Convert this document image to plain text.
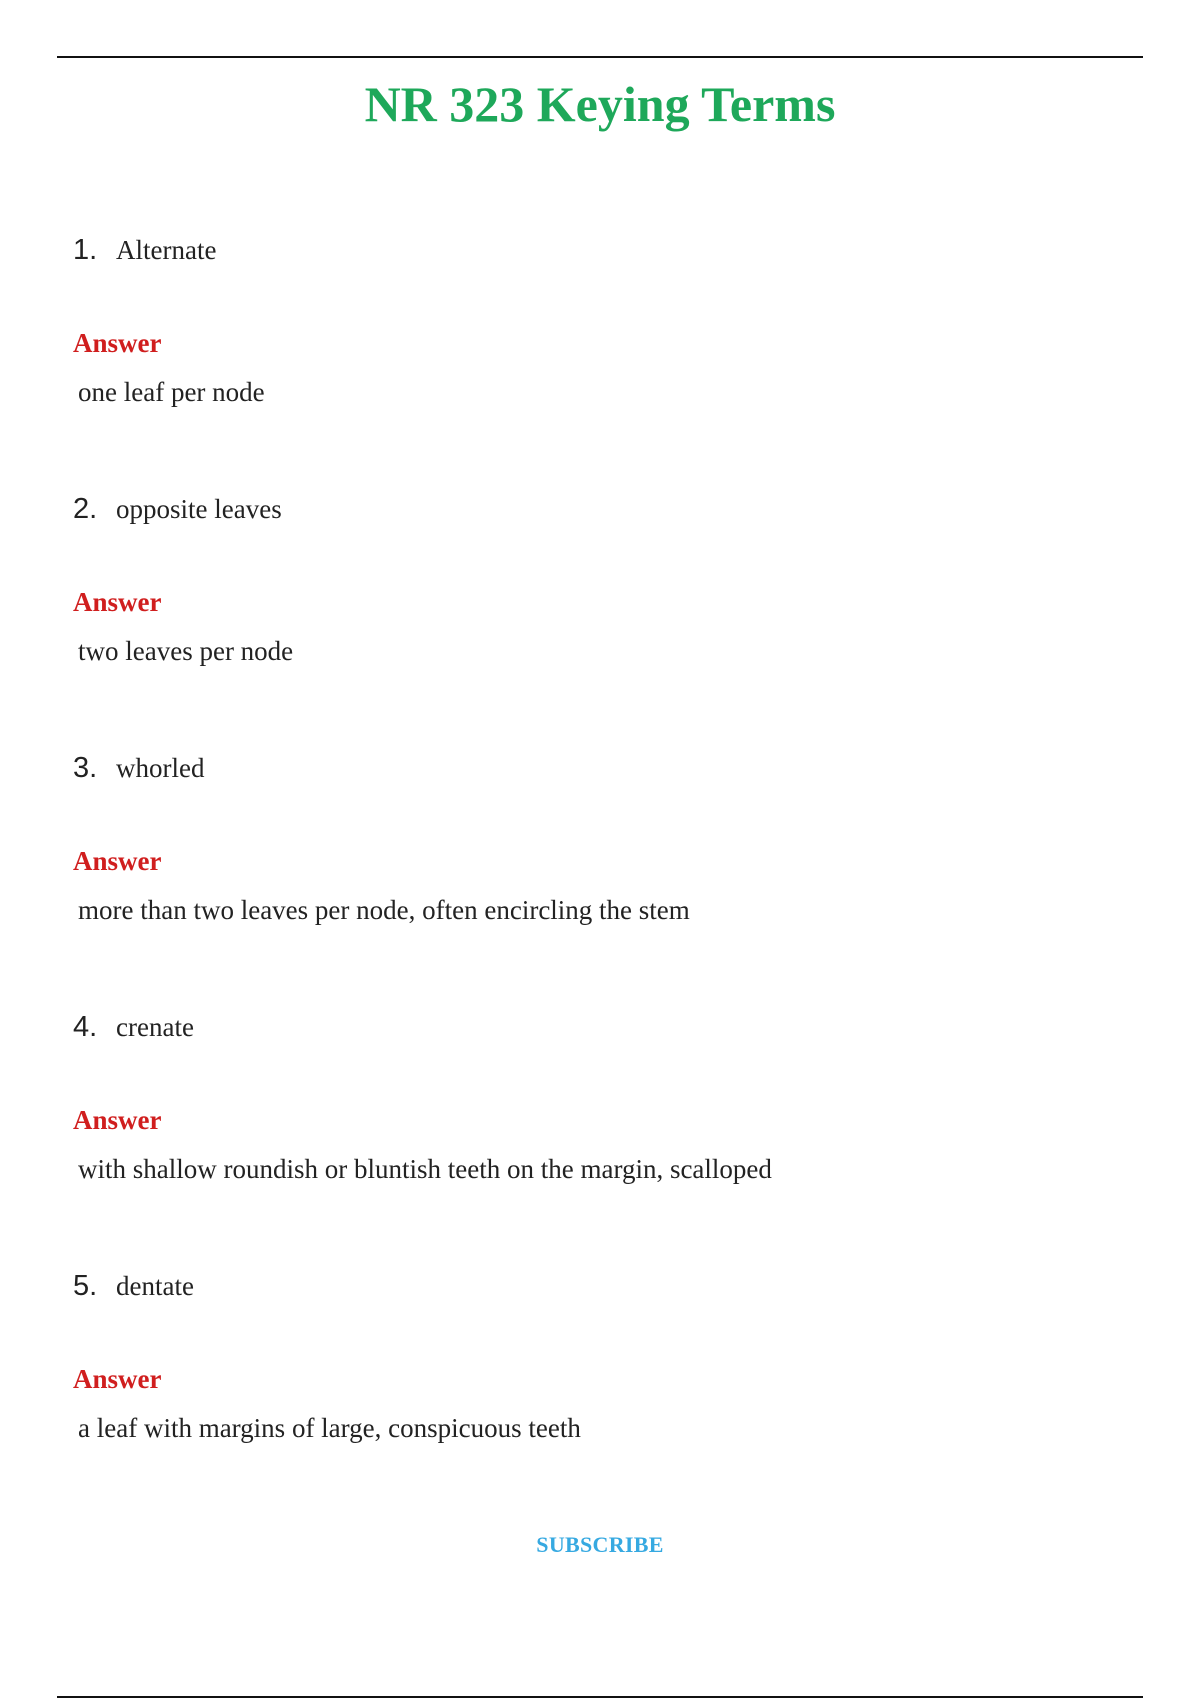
NR 323 Keying Terms
1. Alternate
Answer
one leaf per node
2. opposite leaves
Answer
two leaves per node
3. whorled
Answer
more than two leaves per node, often encircling the stem
4. crenate
Answer
with shallow roundish or bluntish teeth on the margin, scalloped
5. dentate
Answer
a leaf with margins of large, conspicuous teeth
SUBSCRIBE
